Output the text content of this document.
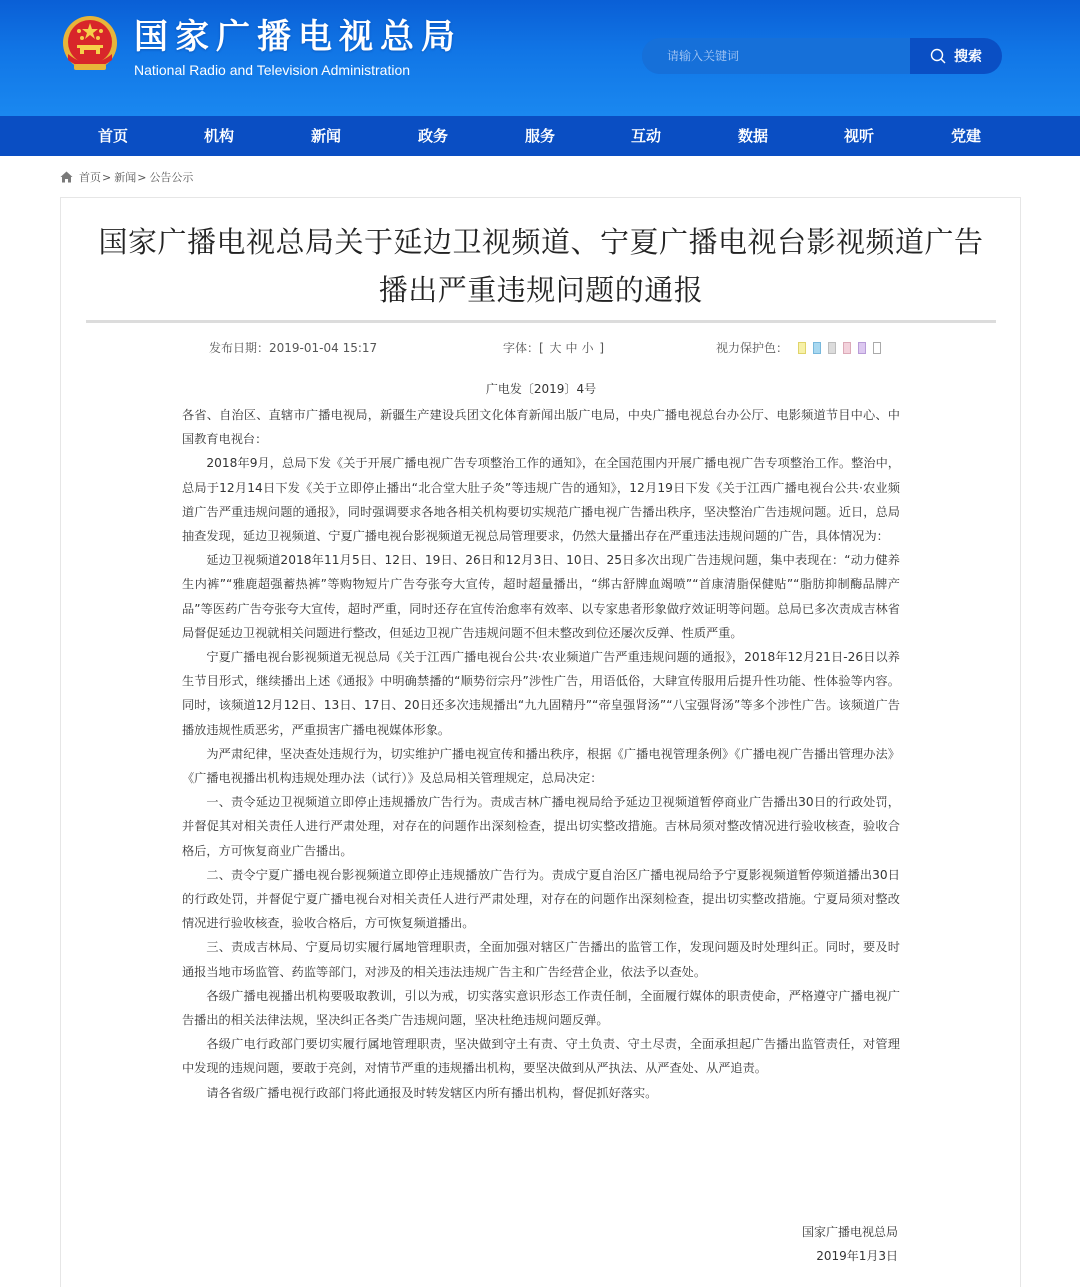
国家广播电视总局
National Radio and Television Administration
请输入关键词
搜索
首页	机构	新闻	政务	服务	互动	数据	视听	党建
首页 > 新闻 > 公告公示
国家广播电视总局关于延边卫视频道、宁夏广播电视台影视频道广告播出严重违规问题的通报
发布日期：2019-01-04 15:17	字体：[ 大 中 小 ]	视力保护色：
广电发〔2019〕4号

各省、自治区、直辖市广播电视局，新疆生产建设兵团文化体育新闻出版广电局，中央广播电视总台办公厅、电影频道节目中心、中国教育电视台：

2018年9月，总局下发《关于开展广播电视广告专项整治工作的通知》，在全国范围内开展广播电视广告专项整治工作。整治中，总局于12月14日下发《关于立即停止播出“北合堂大肚子灸”等违规广告的通知》，12月19日下发《关于江西广播电视台公共·农业频道广告严重违规问题的通报》，同时强调要求各地各相关机构要切实规范广播电视广告播出秩序，坚决整治广告违规问题。近日，总局抽查发现，延边卫视频道、宁夏广播电视台影视频道无视总局管理要求，仍然大量播出存在严重违法违规问题的广告，具体情况为：

延边卫视频道2018年11月5日、12日、19日、26日和12月3日、10日、25日多次出现广告违规问题，集中表现在：“动力健养生内裤”“雅鹿超强蓄热裤”等购物短片广告夸张夸大宣传，超时超量播出，“绑古舒牌血竭喷”“首康清脂保健贴”“脂肪抑制酶品牌产品”等医药广告夸张夸大宣传，超时严重，同时还存在宣传治愈率有效率、以专家患者形象做疗效证明等问题。总局已多次责成吉林省局督促延边卫视就相关问题进行整改，但延边卫视广告违规问题不但未整改到位还屡次反弹、性质严重。

宁夏广播电视台影视频道无视总局《关于江西广播电视台公共·农业频道广告严重违规问题的通报》，2018年12月21日-26日以养生节目形式，继续播出上述《通报》中明确禁播的“顺势衍宗丹”涉性广告，用语低俗，大肆宣传服用后提升性功能、性体验等内容。同时，该频道12月12日、13日、17日、20日还多次违规播出“九九固精丹”“帝皇强肾汤”“八宝强肾汤”等多个涉性广告。该频道广告播放违规性质恶劣，严重损害广播电视媒体形象。

为严肃纪律，坚决查处违规行为，切实维护广播电视宣传和播出秩序，根据《广播电视管理条例》《广播电视广告播出管理办法》《广播电视播出机构违规处理办法（试行）》及总局相关管理规定，总局决定：

一、责令延边卫视频道立即停止违规播放广告行为。责成吉林广播电视局给予延边卫视频道暂停商业广告播出30日的行政处罚，并督促其对相关责任人进行严肃处理，对存在的问题作出深刻检查，提出切实整改措施。吉林局须对整改情况进行验收核查，验收合格后，方可恢复商业广告播出。

二、责令宁夏广播电视台影视频道立即停止违规播放广告行为。责成宁夏自治区广播电视局给予宁夏影视频道暂停频道播出30日的行政处罚，并督促宁夏广播电视台对相关责任人进行严肃处理，对存在的问题作出深刻检查，提出切实整改措施。宁夏局须对整改情况进行验收核查，验收合格后，方可恢复频道播出。

三、责成吉林局、宁夏局切实履行属地管理职责，全面加强对辖区广告播出的监管工作，发现问题及时处理纠正。同时，要及时通报当地市场监管、药监等部门，对涉及的相关违法违规广告主和广告经营企业，依法予以查处。

各级广播电视播出机构要吸取教训，引以为戒，切实落实意识形态工作责任制，全面履行媒体的职责使命，严格遵守广播电视广告播出的相关法律法规，坚决纠正各类广告违规问题，坚决杜绝违规问题反弹。

各级广电行政部门要切实履行属地管理职责，坚决做到守土有责、守土负责、守土尽责，全面承担起广告播出监管责任，对管理中发现的违规问题，要敢于亮剑，对情节严重的违规播出机构，要坚决做到从严执法、从严查处、从严追责。

请各省级广播电视行政部门将此通报及时转发辖区内所有播出机构，督促抓好落实。

国家广播电视总局
2019年1月3日
